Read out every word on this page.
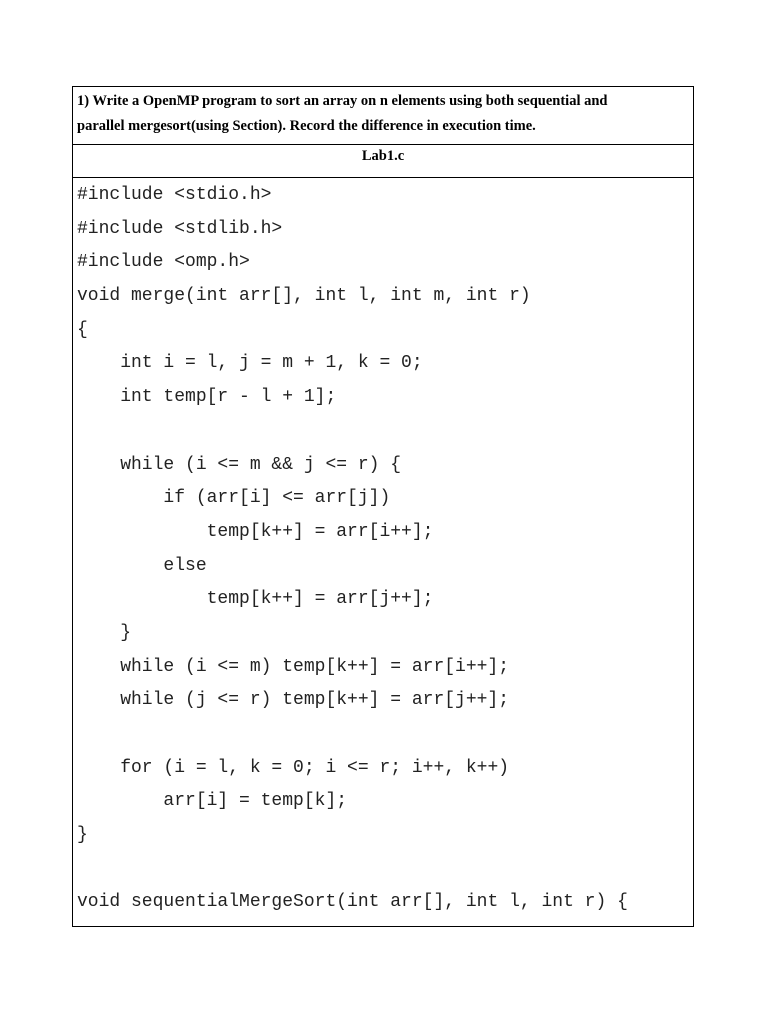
1) Write a OpenMP program to sort an array on n elements using both sequential and
parallel mergesort(using Section). Record the difference in execution time.
Lab1.c
#include <stdio.h>
#include <stdlib.h>
#include <omp.h>
void merge(int arr[], int l, int m, int r)
{
int i = l, j = m + 1, k = 0;
int temp[r - l + 1];
while (i <= m && j <= r) {
if (arr[i] <= arr[j])
temp[k++] = arr[i++];
else
temp[k++] = arr[j++];
}
while (i <= m) temp[k++] = arr[i++];
while (j <= r) temp[k++] = arr[j++];
for (i = l, k = 0; i <= r; i++, k++)
arr[i] = temp[k];
}
void sequentialMergeSort(int arr[], int l, int r) {
